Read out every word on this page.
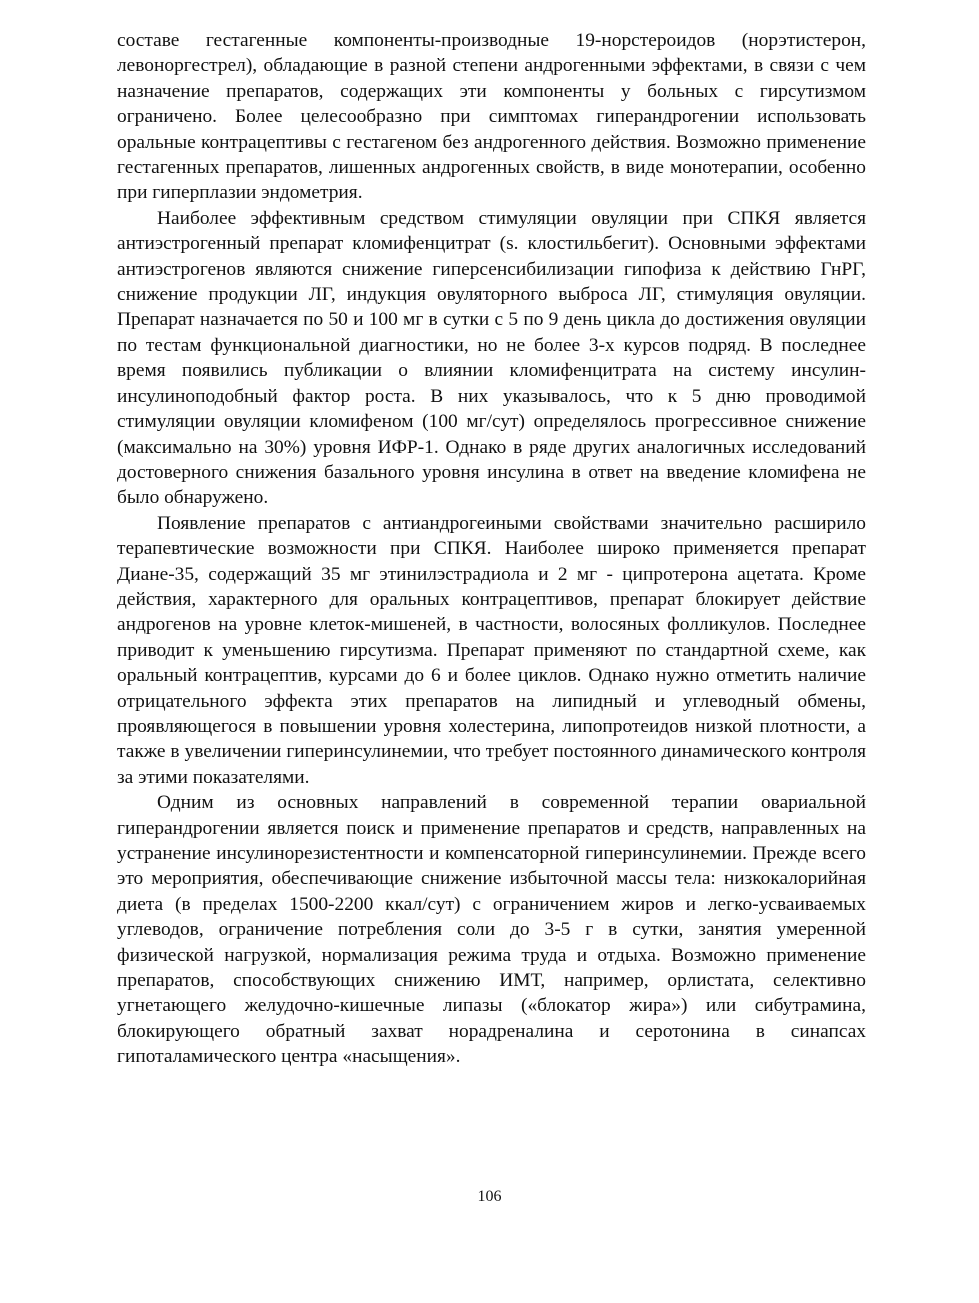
составе гестагенные компоненты-производные 19-норстероидов (норэтистерон, левоноргестрел), обладающие в разной степени андрогенными эффектами, в связи с чем назначение препаратов, содержащих эти компоненты у больных с гирсутизмом ограничено. Более целесообразно при симптомах гиперандрогении использовать оральные контрацептивы с гестагеном без андрогенного действия. Возможно применение гестагенных препаратов, лишенных андрогенных свойств, в виде монотерапии, особенно при гиперплазии эндометрия.

Наиболее эффективным средством стимуляции овуляции при СПКЯ является антиэстрогенный препарат кломифенцитрат (s. клостильбегит). Основными эффектами антиэстрогенов являются снижение гиперсенсибилизации гипофиза к действию ГнРГ, снижение продукции ЛГ, индукция овуляторного выброса ЛГ, стимуляция овуляции. Препарат назначается по 50 и 100 мг в сутки с 5 по 9 день цикла до достижения овуляции по тестам функциональной диагностики, но не более 3-х курсов подряд. В последнее время появились публикации о влиянии кломифенцитрата на систему инсулин-инсулиноподобный фактор роста. В них указывалось, что к 5 дню проводимой стимуляции овуляции кломифеном (100 мг/сут) определялось прогрессивное снижение (максимально на 30%) уровня ИФР-1. Однако в ряде других аналогичных исследований достоверного снижения базального уровня инсулина в ответ на введение кломифена не было обнаружено.

Появление препаратов с антиандрогеиными свойствами значительно расширило терапевтические возможности при СПКЯ. Наиболее широко применяется препарат Диане-35, содержащий 35 мг этинилэстрадиола и 2 мг - ципротерона ацетата. Кроме действия, характерного для оральных контрацептивов, препарат блокирует действие андрогенов на уровне клеток-мишеней, в частности, волосяных фолликулов. Последнее приводит к уменьшению гирсутизма. Препарат применяют по стандартной схеме, как оральный контрацептив, курсами до 6 и более циклов. Однако нужно отметить наличие отрицательного эффекта этих препаратов на липидный и углеводный обмены, проявляющегося в повышении уровня холестерина, липопротеидов низкой плотности, а также в увеличении гиперинсулинемии, что требует постоянного динамического контроля за этими показателями.

Одним из основных направлений в современной терапии овариальной гиперандрогении является поиск и применение препаратов и средств, направленных на устранение инсулинорезистентности и компенсаторной гиперинсулинемии. Прежде всего это мероприятия, обеспечивающие снижение избыточной массы тела: низкокалорийная диета (в пределах 1500-2200 ккал/сут) с ограничением жиров и легко-усваиваемых углеводов, ограничение потребления соли до 3-5 г в сутки, занятия умеренной физической нагрузкой, нормализация режима труда и отдыха. Возможно применение препаратов, способствующих снижению ИМТ, например, орлистата, селективно угнетающего желудочно-кишечные липазы («блокатор жира») или сибутрамина, блокирующего обратный захват норадреналина и серотонина в синапсах гипоталамического центра «насыщения».

106
